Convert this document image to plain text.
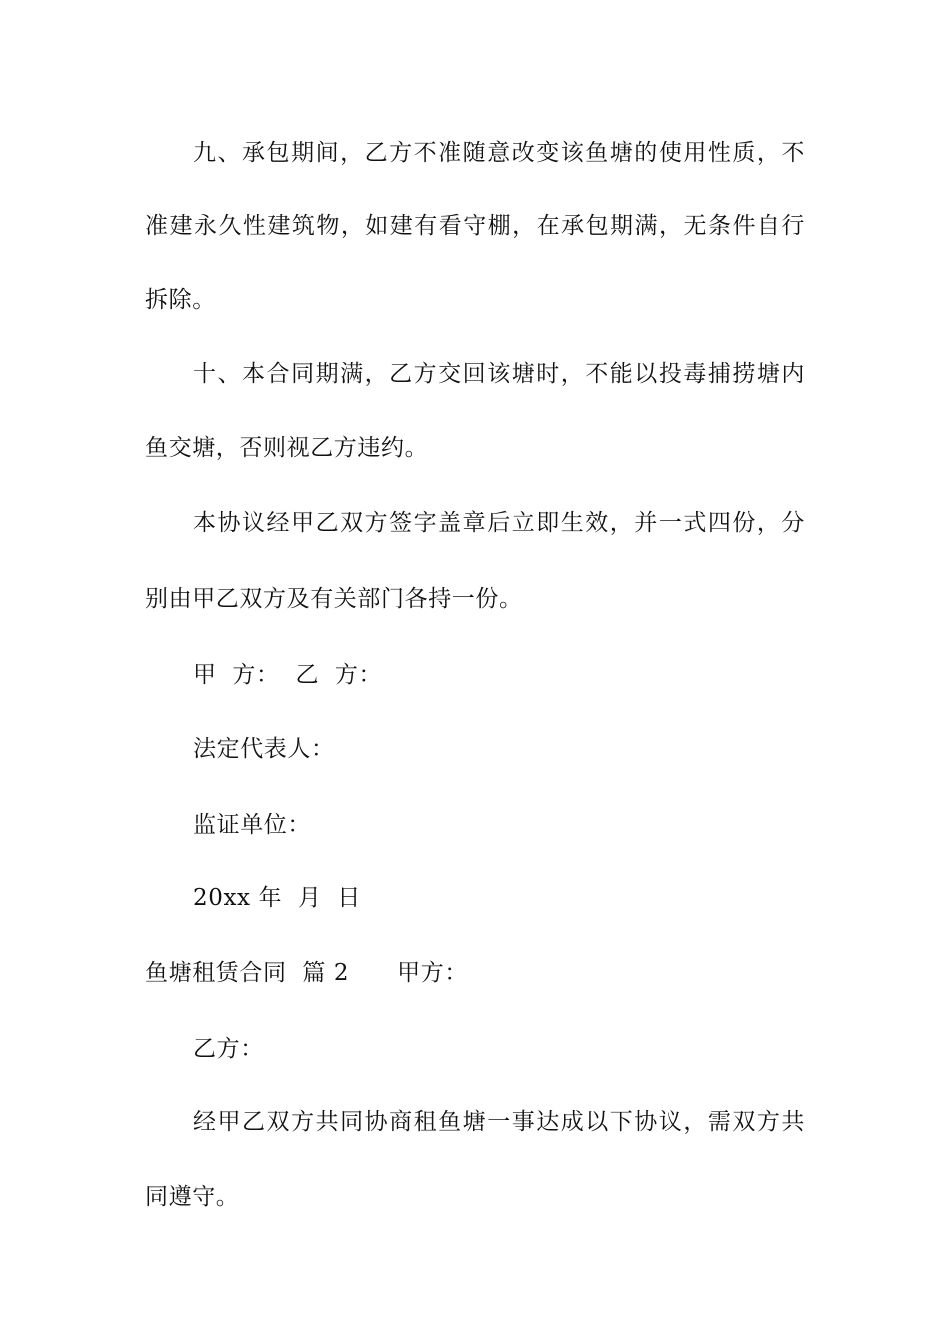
九、承包期间，乙方不准随意改变该鱼塘的使用性质，不
准建永久性建筑物，如建有看守棚，在承包期满，无条件自行
拆除。
十、本合同期满，乙方交回该塘时，不能以投毒捕捞塘内
鱼交塘，否则视乙方违约。
本协议经甲乙双方签字盖章后立即生效，并一式四份，分
别由甲乙双方及有关部门各持一份。
甲  方：  乙  方：
法定代表人：
监证单位：
20xx 年  月  日
鱼塘租赁合同  篇 2 甲方：
乙方：
经甲乙双方共同协商租鱼塘一事达成以下协议，需双方共
同遵守。
